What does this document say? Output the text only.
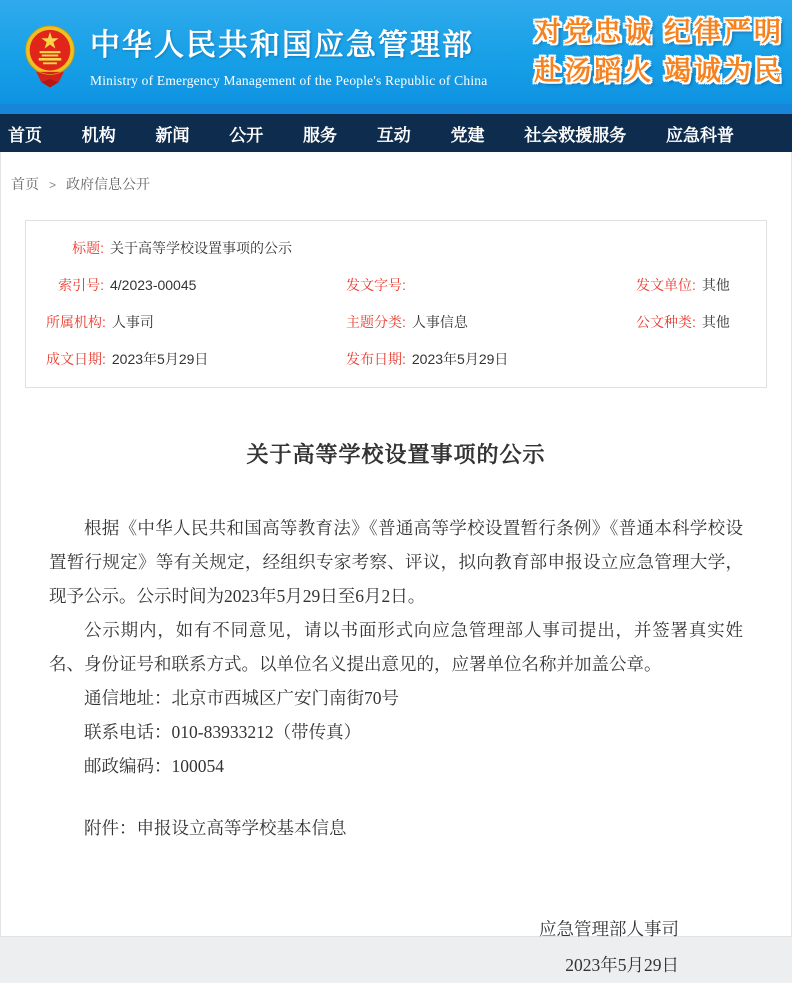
中华人民共和国应急管理部
Ministry of Emergency Management of the People's Republic of China
对党忠诚 纪律严明
赴汤蹈火 竭诚为民
首页 机构 新闻 公开 服务 互动 党建 社会救援服务 应急科普
首页 > 政府信息公开
标题: 关于高等学校设置事项的公示
索引号: 4/2023-00045	发文字号:	发文单位: 其他
所属机构: 人事司	主题分类: 人事信息	公文种类: 其他
成文日期: 2023年5月29日	发布日期: 2023年5月29日
关于高等学校设置事项的公示

根据《中华人民共和国高等教育法》《普通高等学校设置暂行条例》《普通本科学校设置暂行规定》等有关规定，经组织专家考察、评议，拟向教育部申报设立应急管理大学，现予公示。公示时间为2023年5月29日至6月2日。

公示期内，如有不同意见，请以书面形式向应急管理部人事司提出，并签署真实姓名、身份证号和联系方式。以单位名义提出意见的，应署单位名称并加盖公章。

通信地址：北京市西城区广安门南街70号
联系电话：010-83933212（带传真）
邮政编码：100054
附件：申报设立高等学校基本信息
应急管理部人事司
2023年5月29日
